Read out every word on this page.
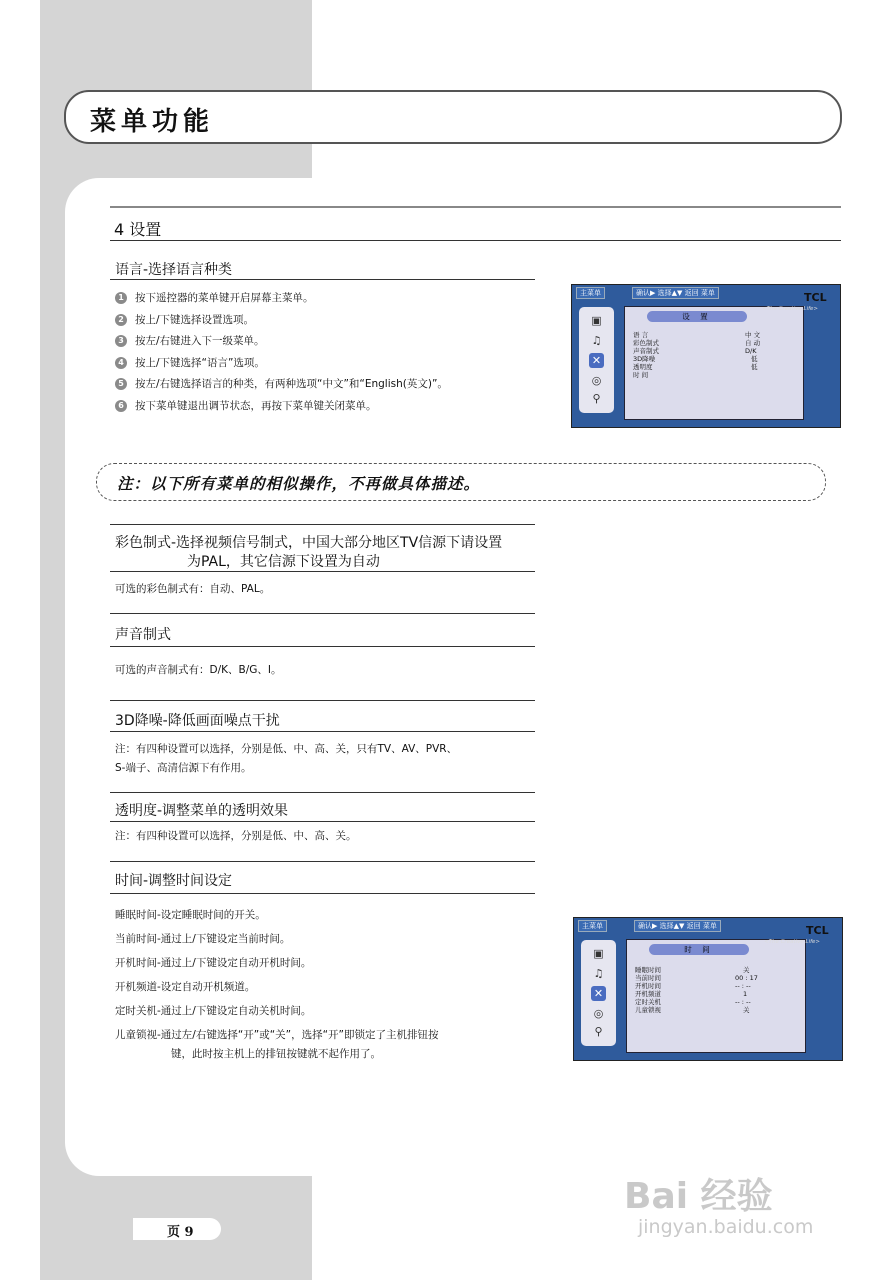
菜单功能
4 设置
语言-选择语言种类
1 按下遥控器的菜单键开启屏幕主菜单。
2 按上/下键选择设置选项。
3 按左/右键进入下一级菜单。
4 按上/下键选择“语言”选项。
5 按左/右键选择语言的种类，有两种选项“中文”和“English(英文)”。
6 按下菜单键退出调节状态，再按下菜单键关闭菜单。
主菜单	确认▶ 选择▲▼ 返回 菜单
▣
♫
✕
◎
⚲
设 置
语 言	中 文
彩色制式	自 动
声音制式	D/K
3D降噪	低
透明度	低
时 间
TCL
<The Creative Life>
注：以下所有菜单的相似操作，不再做具体描述。
彩色制式-选择视频信号制式，中国大部分地区TV信源下请设置
为PAL，其它信源下设置为自动
可选的彩色制式有：自动、PAL。
声音制式
可选的声音制式有：D/K、B/G、I。
3D降噪-降低画面噪点干扰
注：有四种设置可以选择，分别是低、中、高、关，只有TV、AV、PVR、
S-端子、高清信源下有作用。
透明度-调整菜单的透明效果
注：有四种设置可以选择，分别是低、中、高、关。
时间-调整时间设定
睡眠时间-设定睡眠时间的开关。
当前时间-通过上/下键设定当前时间。
开机时间-通过上/下键设定自动开机时间。
开机频道-设定自动开机频道。
定时关机-通过上/下键设定自动关机时间。
儿童锁视-通过左/右键选择“开”或“关”，选择“开”即锁定了主机排钮按
键，此时按主机上的排钮按键就不起作用了。
主菜单	确认▶ 选择▲▼ 返回 菜单
▣
♫
✕
◎
⚲
时 间
睡眠时间	关
当前时间	00 : 17
开机时间	-- : --
开机频道	1
定时关机	-- : --
儿童锁视	关
TCL
<The Creative Life>
页 9
Bai 经验
jingyan.baidu.com
